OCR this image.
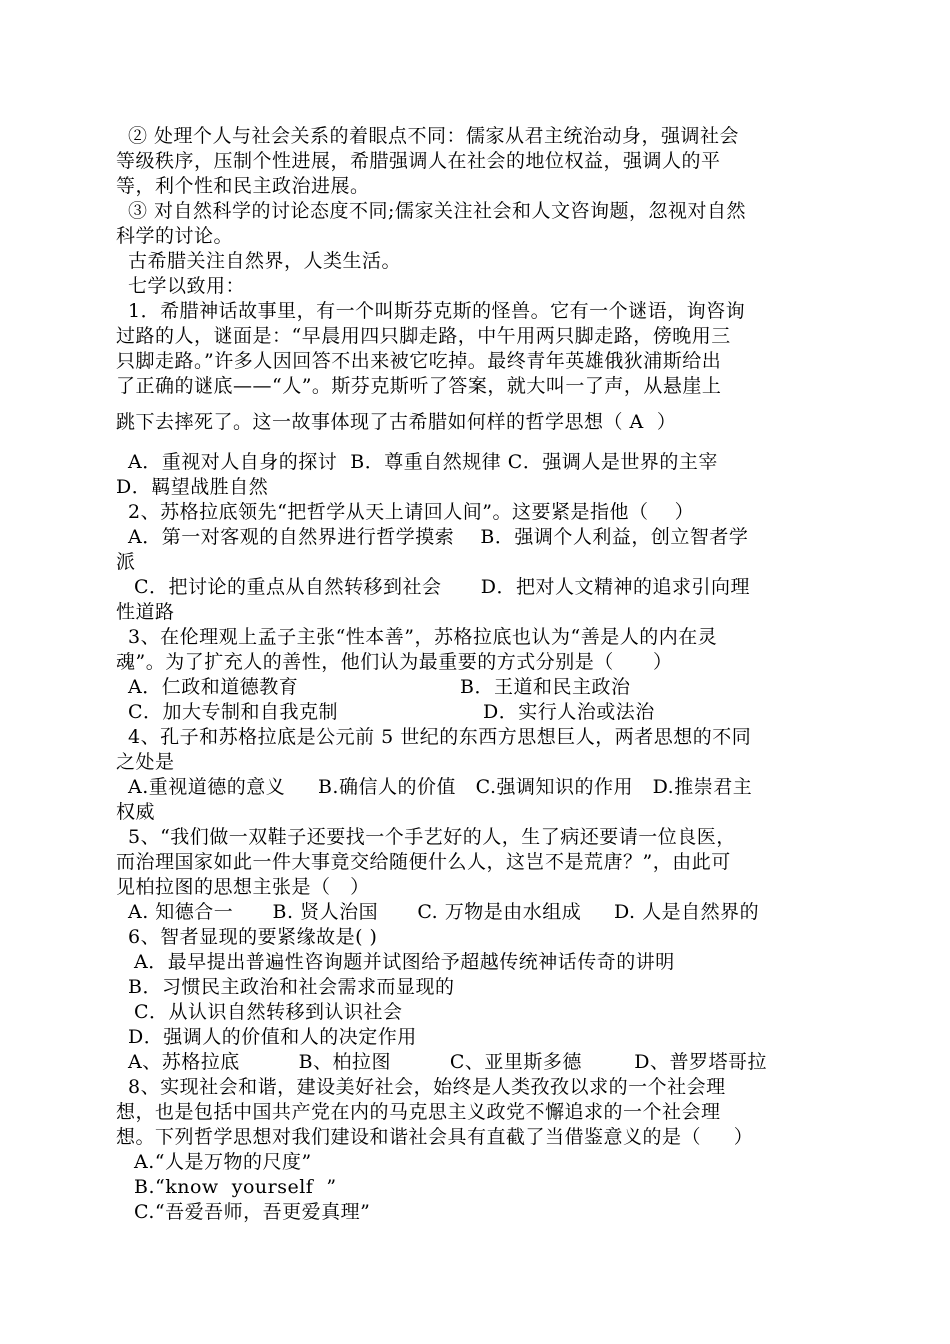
② 处理个人与社会关系的着眼点不同：儒家从君主统治动身，强调社会
等级秩序，压制个性进展，希腊强调人在社会的地位权益，强调人的平
等，利个性和民主政治进展。
③ 对自然科学的讨论态度不同;儒家关注社会和人文咨询题，忽视对自然
科学的讨论。
古希腊关注自然界，人类生活。
七学以致用：
1．希腊神话故事里，有一个叫斯芬克斯的怪兽。它有一个谜语，询咨询
过路的人，谜面是：“早晨用四只脚走路，中午用两只脚走路，傍晚用三
只脚走路。”许多人因回答不出来被它吃掉。最终青年英雄俄狄浦斯给出
了正确的谜底——“人”。斯芬克斯听了答案，就大叫一了声，从悬崖上
跳下去摔死了。这一故事体现了古希腊如何样的哲学思想（ A  ）
A．重视对人自身的探讨  B．尊重自然规律 C．强调人是世界的主宰
D．羁望战胜自然
2、苏格拉底领先“把哲学从天上请回人间”。这要紧是指他（    ）
A．第一对客观的自然界进行哲学摸索    B．强调个人利益，创立智者学
派
C．把讨论的重点从自然转移到社会      D．把对人文精神的追求引向理
性道路
3、在伦理观上孟子主张“性本善”，苏格拉底也认为“善是人的内在灵
魂”。为了扩充人的善性，他们认为最重要的方式分别是（      ）
A．仁政和道德教育	B．王道和民主政治
C．加大专制和自我克制	D．实行人治或法治
4、孔子和苏格拉底是公元前 5 世纪的东西方思想巨人，两者思想的不同
之处是
A.重视道德的意义     B.确信人的价值   C.强调知识的作用   D.推崇君主
权威
5、“我们做一双鞋子还要找一个手艺好的人，生了病还要请一位良医，
而治理国家如此一件大事竟交给随便什么人，这岂不是荒唐？”，由此可
见柏拉图的思想主张是（   ）
A. 知德合一      B. 贤人治国      C. 万物是由水组成     D. 人是自然界的
6、智者显现的要紧缘故是( )
A．最早提出普遍性咨询题并试图给予超越传统神话传奇的讲明
B．习惯民主政治和社会需求而显现的
C．从认识自然转移到认识社会
D．强调人的价值和人的决定作用
A、苏格拉底         B、柏拉图         C、亚里斯多德        D、普罗塔哥拉
8、实现社会和谐，建设美好社会，始终是人类孜孜以求的一个社会理
想，也是包括中国共产党在内的马克思主义政党不懈追求的一个社会理
想。下列哲学思想对我们建设和谐社会具有直截了当借鉴意义的是（     ）
A.“人是万物的尺度”
B.“know  yourself  ”
C.“吾爱吾师，吾更爱真理”
